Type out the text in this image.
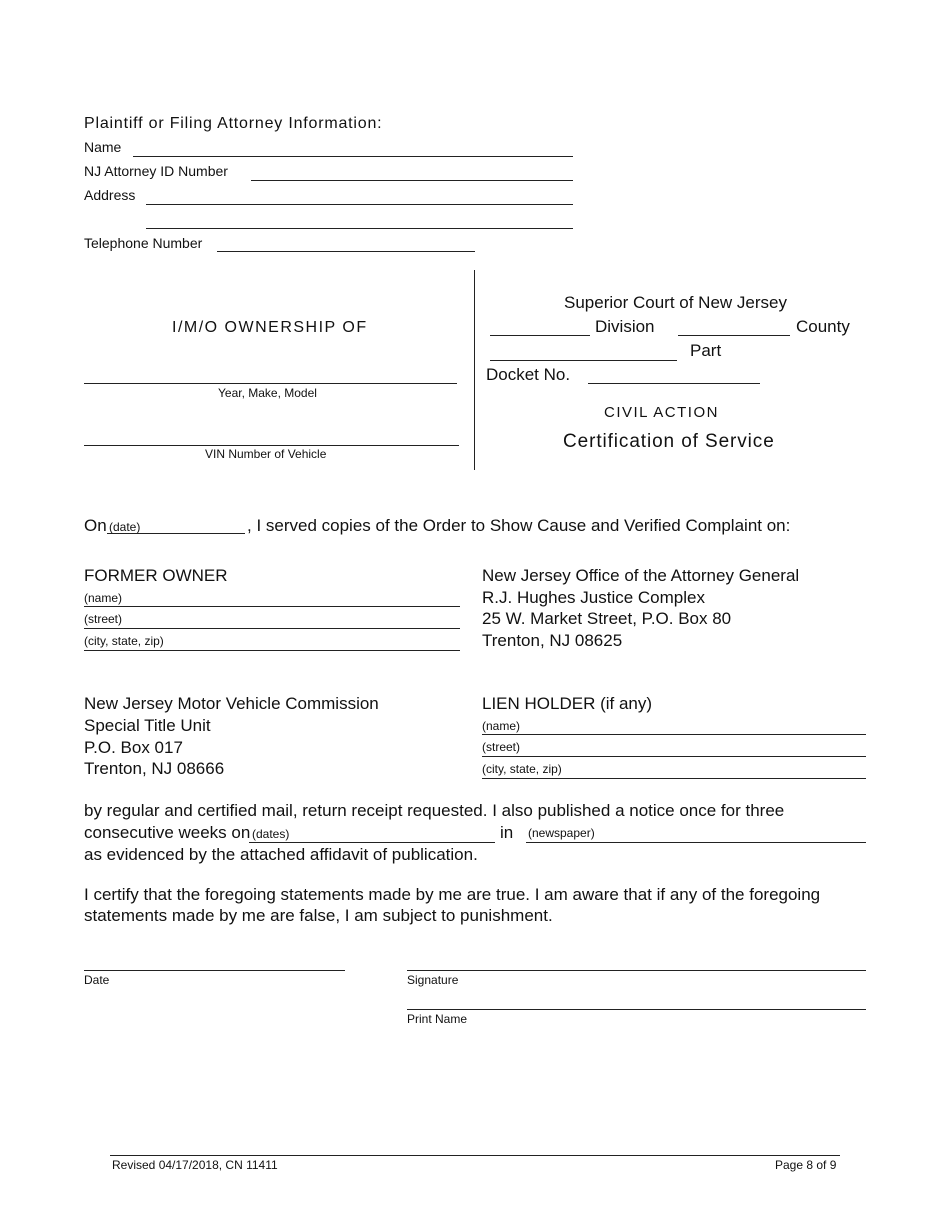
Plaintiff or Filing Attorney Information:
Name
NJ Attorney ID Number
Address
Telephone Number
I/M/O OWNERSHIP OF
Year, Make, Model
VIN Number of Vehicle
Superior Court of New Jersey
Division	County
Part
Docket No.
CIVIL ACTION
Certification of Service
On (date)	, I served copies of the Order to Show Cause and Verified Complaint on:
FORMER OWNER
(name)
(street)
(city, state, zip)
New Jersey Office of the Attorney General
R.J. Hughes Justice Complex
25 W. Market Street, P.O. Box 80
Trenton, NJ 08625
New Jersey Motor Vehicle Commission
Special Title Unit
P.O. Box 017
Trenton, NJ 08666
LIEN HOLDER (if any)
(name)
(street)
(city, state, zip)
by regular and certified mail, return receipt requested. I also published a notice once for three
consecutive weeks on (dates)	in (newspaper)
as evidenced by the attached affidavit of publication.
I certify that the foregoing statements made by me are true. I am aware that if any of the foregoing
statements made by me are false, I am subject to punishment.
Date	Signature
Print Name
Revised 04/17/2018, CN 11411	Page 8 of 9
